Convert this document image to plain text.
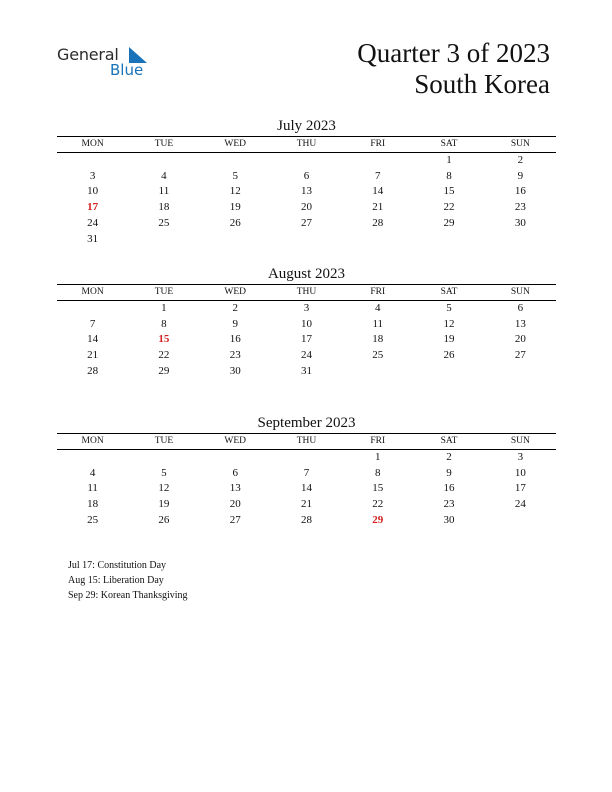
General
Blue
Quarter 3 of 2023
South Korea
July 2023
MON	TUE	WED	THU	FRI	SAT	SUN
					1	2
3	4	5	6	7	8	9
10	11	12	13	14	15	16
17	18	19	20	21	22	23
24	25	26	27	28	29	30
31						
August 2023
MON	TUE	WED	THU	FRI	SAT	SUN
	1	2	3	4	5	6
7	8	9	10	11	12	13
14	15	16	17	18	19	20
21	22	23	24	25	26	27
28	29	30	31			
September 2023
MON	TUE	WED	THU	FRI	SAT	SUN
				1	2	3
4	5	6	7	8	9	10
11	12	13	14	15	16	17
18	19	20	21	22	23	24
25	26	27	28	29	30	
Jul 17: Constitution Day
Aug 15: Liberation Day
Sep 29: Korean Thanksgiving
